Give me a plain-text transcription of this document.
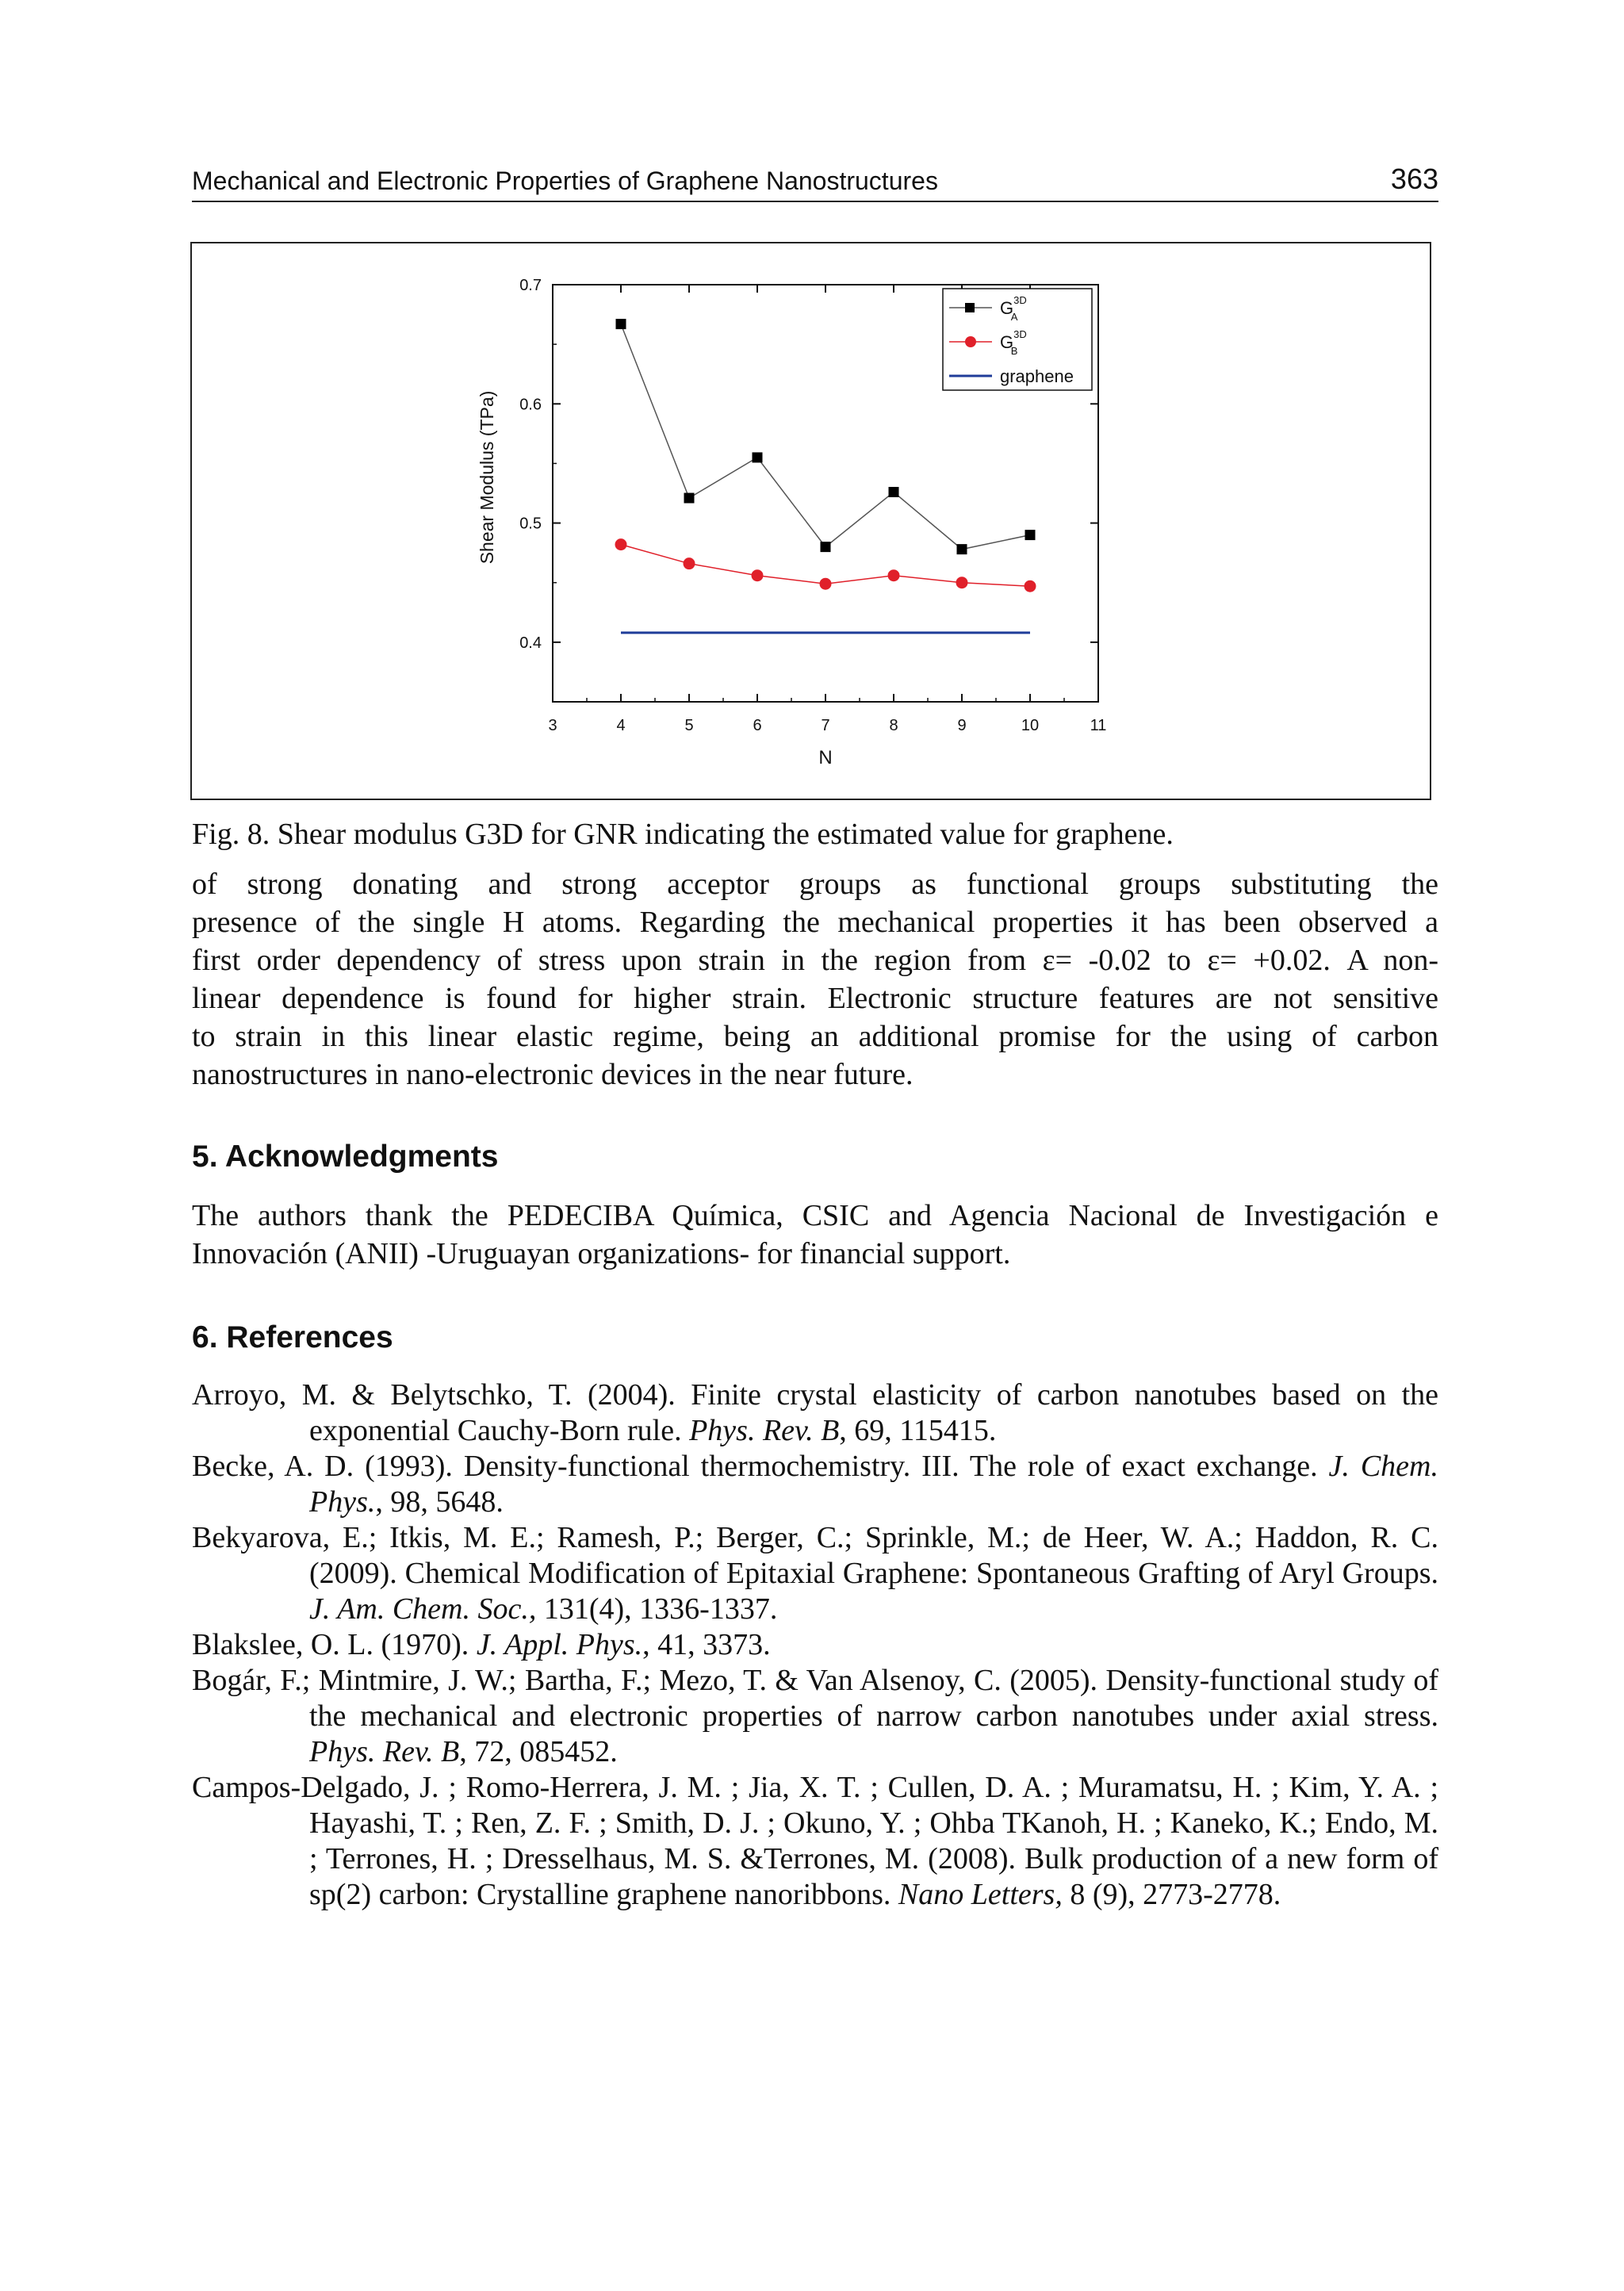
Mechanical and Electronic Properties of Graphene Nanostructures	363
3	4	5	6	7	8	9	10	11
0.4
0.5
0.6
0.7
N
Shear Modulus (TPa)
$G^{3D}$ A
$G^{3D}$ B
graphene
Fig. 8. Shear modulus G3D for GNR indicating the estimated value for graphene.
of strong donating and strong acceptor groups as functional groups substituting the
presence of the single H atoms. Regarding the mechanical properties it has been observed a
first order dependency of stress upon strain in the region from ε= -0.02 to ε= +0.02. A non-
linear dependence is found for higher strain. Electronic structure features are not sensitive
to strain in this linear elastic regime, being an additional promise for the using of carbon
nanostructures in nano-electronic devices in the near future.
5. Acknowledgments
The authors thank the PEDECIBA Química, CSIC and Agencia Nacional de Investigación e
Innovación (ANII) -Uruguayan organizations- for financial support.
6. References

Arroyo, M. & Belytschko, T. (2004). Finite crystal elasticity of carbon nanotubes based on the exponential Cauchy-Born rule. Phys. Rev. B, 69, 115415.

Becke, A. D. (1993). Density-functional thermochemistry. III. The role of exact exchange. J. Chem. Phys., 98, 5648.

Bekyarova, E.; Itkis, M. E.; Ramesh, P.; Berger, C.; Sprinkle, M.; de Heer, W. A.; Haddon, R. C. (2009). Chemical Modification of Epitaxial Graphene: Spontaneous Grafting of Aryl Groups. J. Am. Chem. Soc., 131(4), 1336-1337.

Blakslee, O. L. (1970). J. Appl. Phys., 41, 3373.

Bogár, F.; Mintmire, J. W.; Bartha, F.; Mezo, T. & Van Alsenoy, C. (2005). Density-functional study of the mechanical and electronic properties of narrow carbon nanotubes under axial stress. Phys. Rev. B, 72, 085452.

Campos-Delgado, J. ; Romo-Herrera, J. M. ; Jia, X. T. ; Cullen, D. A. ; Muramatsu, H. ; Kim, Y. A. ; Hayashi, T. ; Ren, Z. F. ; Smith, D. J. ; Okuno, Y. ; Ohba TKanoh, H. ; Kaneko, K.; Endo, M. ; Terrones, H. ; Dresselhaus, M. S. &Terrones, M. (2008). Bulk production of a new form of sp(2) carbon: Crystalline graphene nanoribbons. Nano Letters, 8 (9), 2773-2778.
